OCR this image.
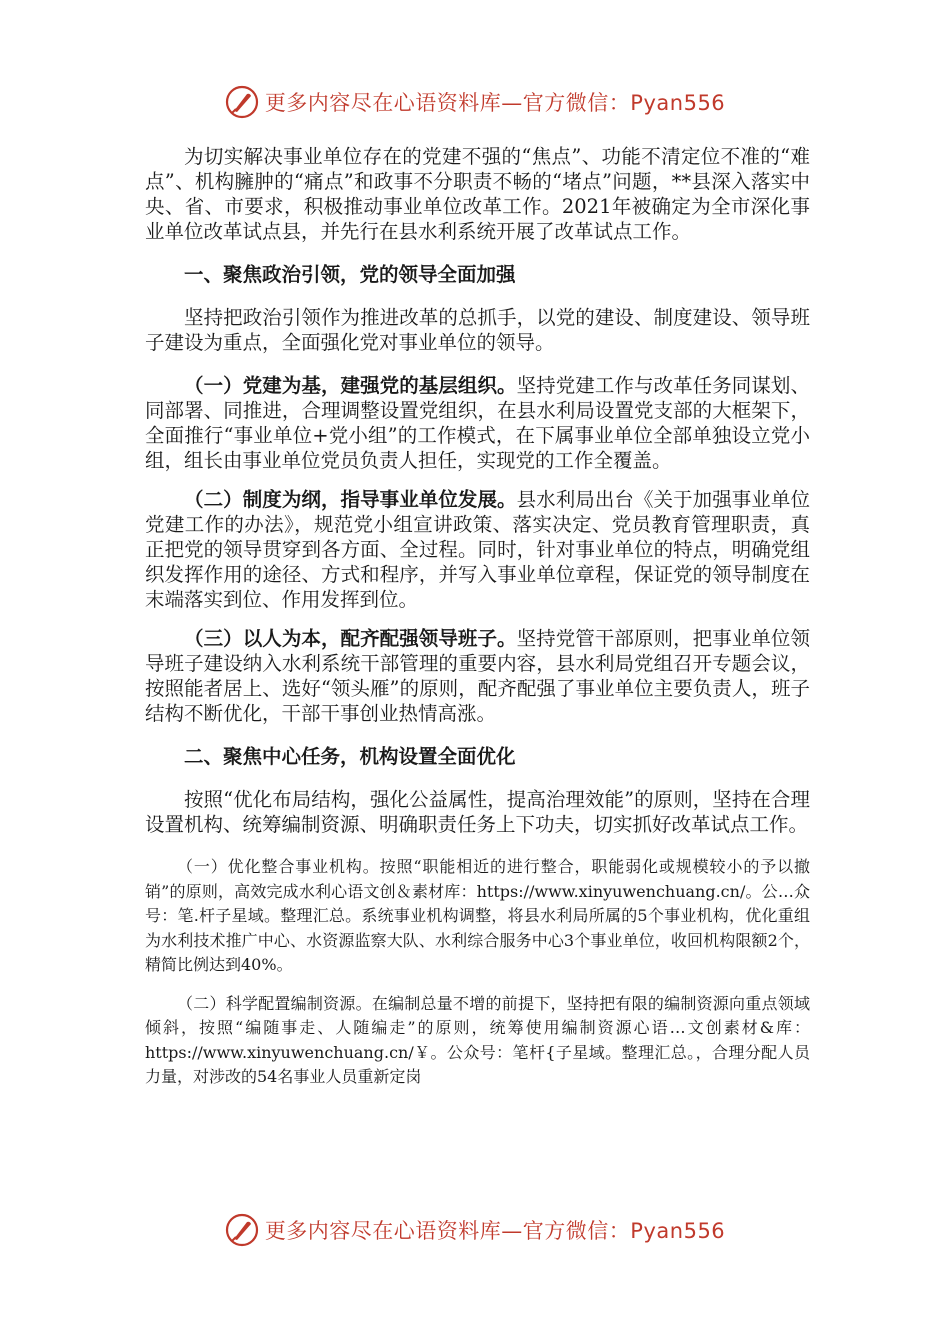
更多内容尽在心语资料库—官方微信：Pyan556

为切实解决事业单位存在的党建不强的“焦点”、功能不清定位不准的“难点”、机构臃肿的“痛点”和政事不分职责不畅的“堵点”问题，**县深入落实中央、省、市要求，积极推动事业单位改革工作。2021年被确定为全市深化事业单位改革试点县，并先行在县水利系统开展了改革试点工作。

一、聚焦政治引领，党的领导全面加强

坚持把政治引领作为推进改革的总抓手，以党的建设、制度建设、领导班子建设为重点，全面强化党对事业单位的领导。

（一）党建为基，建强党的基层组织。坚持党建工作与改革任务同谋划、同部署、同推进，合理调整设置党组织，在县水利局设置党支部的大框架下，全面推行“事业单位+党小组”的工作模式，在下属事业单位全部单独设立党小组，组长由事业单位党员负责人担任，实现党的工作全覆盖。

（二）制度为纲，指导事业单位发展。县水利局出台《关于加强事业单位党建工作的办法》，规范党小组宣讲政策、落实决定、党员教育管理职责，真正把党的领导贯穿到各方面、全过程。同时，针对事业单位的特点，明确党组织发挥作用的途径、方式和程序，并写入事业单位章程，保证党的领导制度在末端落实到位、作用发挥到位。

（三）以人为本，配齐配强领导班子。坚持党管干部原则，把事业单位领导班子建设纳入水利系统干部管理的重要内容，县水利局党组召开专题会议，按照能者居上、选好“领头雁”的原则，配齐配强了事业单位主要负责人，班子结构不断优化，干部干事创业热情高涨。

二、聚焦中心任务，机构设置全面优化

按照“优化布局结构，强化公益属性，提高治理效能”的原则，坚持在合理设置机构、统筹编制资源、明确职责任务上下功夫，切实抓好改革试点工作。

（一）优化整合事业机构。按照“职能相近的进行整合，职能弱化或规模较小的予以撤销”的原则，高效完成水利心语文创＆素材库：https://www.xinyuwenchuang.cn/。公…众号：笔.杆子星域。整理汇总。系统事业机构调整，将县水利局所属的5个事业机构，优化重组为水利技术推广中心、水资源监察大队、水利综合服务中心3个事业单位，收回机构限额2个，精简比例达到40%。

（二）科学配置编制资源。在编制总量不增的前提下，坚持把有限的编制资源向重点领域倾斜，按照“编随事走、人随编走”的原则，统筹使用编制资源心语…文创素材&库：https://www.xinyuwenchuang.cn/￥。公众号：笔杆{子星域。整理汇总。，合理分配人员力量，对涉改的54名事业人员重新定岗

更多内容尽在心语资料库—官方微信：Pyan556
